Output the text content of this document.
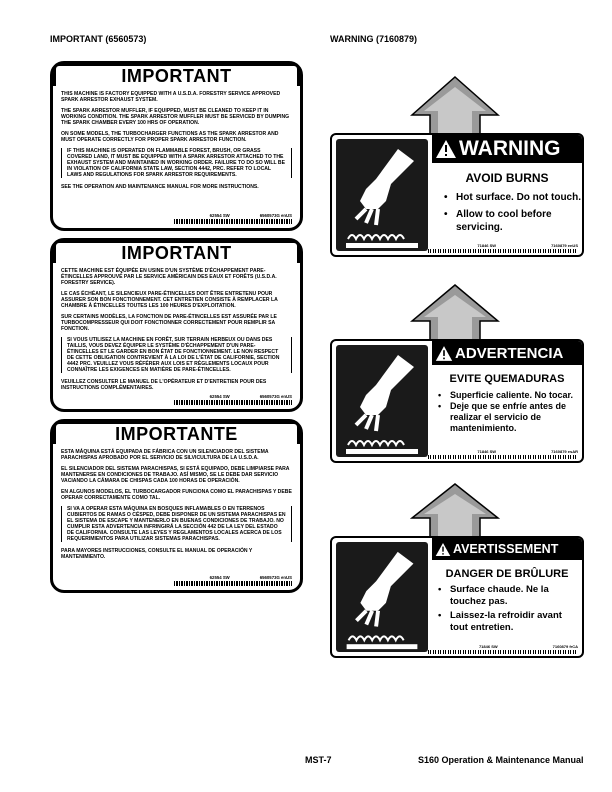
IMPORTANT (6560573)	WARNING (7160879)
IMPORTANT

THIS MACHINE IS FACTORY EQUIPPED WITH A U.S.D.A. FORESTRY SERVICE APPROVED SPARK ARRESTOR EXHAUST SYSTEM.

THE SPARK ARRESTOR MUFFLER, IF EQUIPPED, MUST BE CLEANED TO KEEP IT IN WORKING CONDITION. THE SPARK ARRESTOR MUFFLER MUST BE SERVICED BY DUMPING THE SPARK CHAMBER EVERY 100 HRS OF OPERATION.

ON SOME MODELS, THE TURBOCHARGER FUNCTIONS AS THE SPARK ARRESTOR AND MUST OPERATE CORRECTLY FOR PROPER SPARK ARRESTOR FUNCTION.

IF THIS MACHINE IS OPERATED ON FLAMMABLE FOREST, BRUSH, OR GRASS COVERED LAND, IT MUST BE EQUIPPED WITH A SPARK ARRESTOR ATTACHED TO THE EXHAUST SYSTEM AND MAINTAINED IN WORKING ORDER. FAILURE TO DO SO WILL BE IN VIOLATION OF CALIFORNIA STATE LAW, SECTION 4442, PRC. REFER TO LOCAL LAWS AND REGULATIONS FOR SPARK ARRESTOR REQUIREMENTS.

SEE THE OPERATION AND MAINTENANCE MANUAL FOR MORE INSTRUCTIONS.

62554 SW	6560573G enUS
IMPORTANT

CETTE MACHINE EST ÉQUIPÉE EN USINE D'UN SYSTÈME D'ÉCHAPPEMENT PARE-ÉTINCELLES APPROUVÉ PAR LE SERVICE AMÉRICAIN DES EAUX ET FORÊTS (U.S.D.A. FORESTRY SERVICE).

LE CAS ÉCHÉANT, LE SILENCIEUX PARE-ÉTINCELLES DOIT ÊTRE ENTRETENU POUR ASSURER SON BON FONCTIONNEMENT. CET ENTRETIEN CONSISTE À REMPLACER LA CHAMBRE À ÉTINCELLES TOUTES LES 100 HEURES D'EXPLOITATION.

SUR CERTAINS MODÈLES, LA FONCTION DE PARE-ÉTINCELLES EST ASSURÉE PAR LE TURBOCOMPRESSEUR QUI DOIT FONCTIONNER CORRECTEMENT POUR REMPLIR SA FONCTION.

SI VOUS UTILISEZ LA MACHINE EN FORÊT, SUR TERRAIN HERBEUX OU DANS DES TAILLIS, VOUS DEVEZ ÉQUIPER LE SYSTÈME D'ÉCHAPPEMENT D'UN PARE-ÉTINCELLES ET LE GARDER EN BON ÉTAT DE FONCTIONNEMENT. LE NON RESPECT DE CETTE OBLIGATION CONTREVIENT À LA LOI DE L'ÉTAT DE CALIFORNIE, SECTION 4442 PRC. VEUILLEZ VOUS RÉFÉRER AUX LOIS ET RÈGLEMENTS LOCAUX POUR CONNAÎTRE LES EXIGENCES EN MATIÈRE DE PARE-ÉTINCELLES.

VEUILLEZ CONSULTER LE MANUEL DE L'OPÉRATEUR ET D'ENTRETIEN POUR DES INSTRUCTIONS COMPLÉMENTAIRES.

62554 SW	6560573G enUS
IMPORTANTE

ESTA MÁQUINA ESTÁ EQUIPADA DE FÁBRICA CON UN SILENCIADOR DEL SISTEMA PARACHISPAS APROBADO POR EL SERVICIO DE SILVICULTURA DE LA U.S.D.A.

EL SILENCIADOR DEL SISTEMA PARACHISPAS, SI ESTÁ EQUIPADO, DEBE LIMPIARSE PARA MANTENERSE EN CONDICIONES DE TRABAJO. ASÍ MISMO, SE LE DEBE DAR SERVICIO VACIANDO LA CÁMARA DE CHISPAS CADA 100 HORAS DE OPERACIÓN.

EN ALGUNOS MODELOS, EL TURBOCARGADOR FUNCIONA COMO EL PARACHISPAS Y DEBE OPERAR CORRECTAMENTE COMO TAL.

SI VA A OPERAR ESTA MÁQUINA EN BOSQUES INFLAMABLES O EN TERRENOS CUBIERTOS DE RAMAS O CÉSPED, DEBE DISPONER DE UN SISTEMA PARACHISPAS EN EL SISTEMA DE ESCAPE Y MANTENERLO EN BUENAS CONDICIONES DE TRABAJO. NO CUMPLIR ESTA ADVERTENCIA INFRINGIRÁ LA SECCIÓN 442 DE LA LEY DEL ESTADO DE CALIFORNIA. CONSULTE LAS LEYES Y REGLAMENTOS LOCALES ACERCA DE LOS REQUERIMIENTOS PARA UTILIZAR SISTEMAS PARACHISPAS.

PARA MAYORES INSTRUCCIONES, CONSULTE EL MANUAL DE OPERACIÓN Y MANTENIMIENTO.

62554 SW	6560573G enUS
WARNING
AVOID BURNS
• Hot surface. Do not touch.
• Allow to cool before servicing.
71846 SW	7160879 enUS
ADVERTENCIA
EVITE QUEMADURAS
• Superficie caliente. No tocar.
• Deje que se enfríe antes de realizar el servicio de mantenimiento.
71846 SW	7160879 esAR
AVERTISSEMENT
DANGER DE BRÛLURE
• Surface chaude. Ne la touchez pas.
• Laissez-la refroidir avant tout entretien.
71846 SW	7160879 frCA
MST-7	S160 Operation & Maintenance Manual
